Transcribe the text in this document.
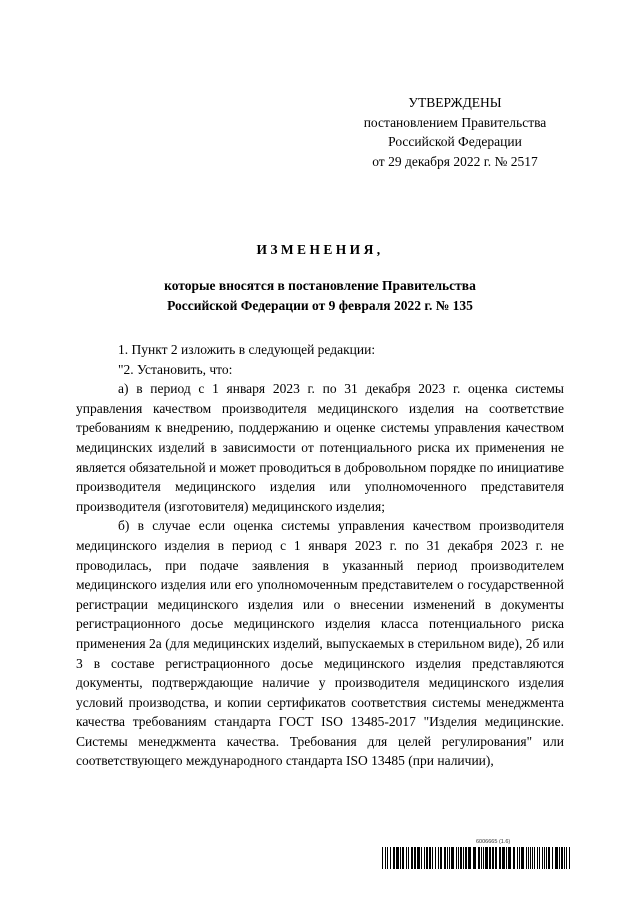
УТВЕРЖДЕНЫ
постановлением Правительства
Российской Федерации
от 29 декабря 2022 г. № 2517
ИЗМЕНЕНИЯ,
которые вносятся в постановление Правительства
Российской Федерации от 9 февраля 2022 г. № 135

1. Пункт 2 изложить в следующей редакции:

"2. Установить, что:

а) в период с 1 января 2023 г. по 31 декабря 2023 г. оценка системы управления качеством производителя медицинского изделия на соответствие требованиям к внедрению, поддержанию и оценке системы управления качеством медицинских изделий в зависимости от потенциального риска их применения не является обязательной и может проводиться в добровольном порядке по инициативе производителя медицинского изделия или уполномоченного представителя производителя (изготовителя) медицинского изделия;

б) в случае если оценка системы управления качеством производителя медицинского изделия в период с 1 января 2023 г. по 31 декабря 2023 г. не проводилась, при подаче заявления в указанный период производителем медицинского изделия или его уполномоченным представителем о государственной регистрации медицинского изделия или о внесении изменений в документы регистрационного досье медицинского изделия класса потенциального риска применения 2а (для медицинских изделий, выпускаемых в стерильном виде), 2б или 3 в составе регистрационного досье медицинского изделия представляются документы, подтверждающие наличие у производителя медицинского изделия условий производства, и копии сертификатов соответствия системы менеджмента качества требованиям стандарта ГОСТ ISO 13485-2017 "Изделия медицинские. Системы менеджмента качества. Требования для целей регулирования" или соответствующего международного стандарта ISO 13485 (при наличии),

6006665 (1.6)
